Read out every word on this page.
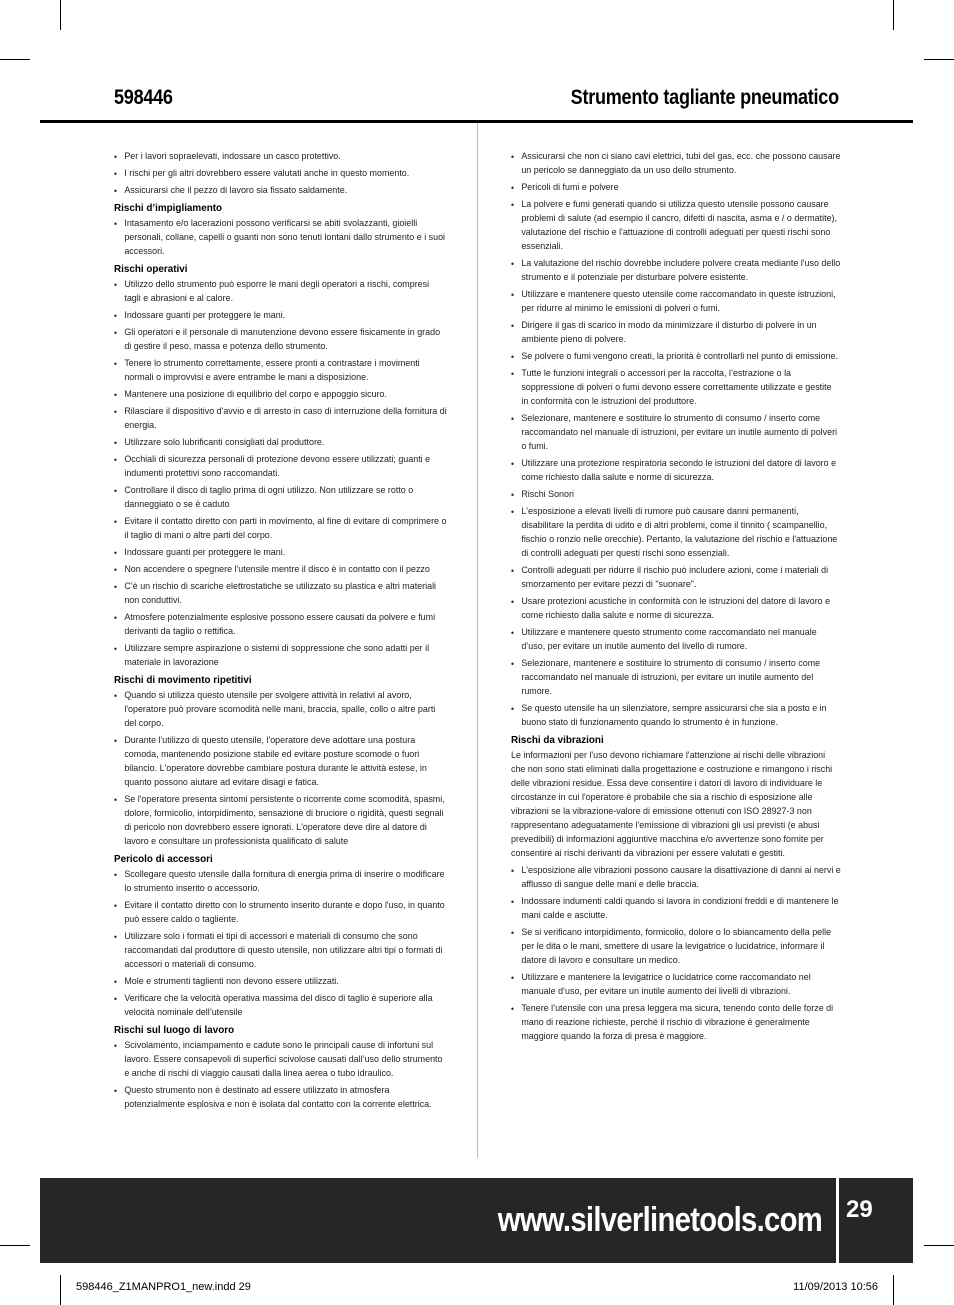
598446	Strumento tagliante pneumatico
• Per i lavori sopraelevati, indossare un casco protettivo.
• I rischi per gli altri dovrebbero essere valutati anche in questo momento.
• Assicurarsi che il pezzo di lavoro sia fissato saldamente.
Rischi d’impigliamento
• Intasamento e/o lacerazioni possono verificarsi se abiti svolazzanti, gioielli personali, collane, capelli o guanti non sono tenuti lontani dallo strumento e i suoi accessori.
Rischi operativi
• Utilizzo dello strumento può esporre le mani degli operatori a rischi, compresi tagli e abrasioni e al calore.
• Indossare guanti per proteggere le mani.
• Gli operatori e il personale di manutenzione devono essere fisicamente in grado di gestire il peso, massa e potenza dello strumento.
• Tenere lo strumento correttamente, essere pronti a contrastare i movimenti normali o improvvisi e avere entrambe le mani a disposizione.
• Mantenere una posizione di equilibrio del corpo e appoggio sicuro.
• Rilasciare il dispositivo d'avvio e di arresto in caso di interruzione della fornitura di energia.
• Utilizzare solo lubrificanti consigliati dal produttore.
• Occhiali di sicurezza personali di protezione devono essere utilizzati; guanti e indumenti protettivi sono raccomandati.
• Controllare il disco di taglio prima di ogni utilizzo. Non utilizzare se rotto o danneggiato o se è caduto
• Evitare il contatto diretto con parti in movimento, al fine di evitare di comprimere o il taglio di mani o altre parti del corpo.
• Indossare guanti per proteggere le mani.
• Non accendere o spegnere l'utensile mentre il disco è in contatto con il pezzo
• C’è un rischio di scariche elettrostatiche se utilizzato su plastica e altri materiali non conduttivi.
• Atmosfere potenzialmente esplosive possono essere causati da polvere e fumi derivanti da taglio o rettifica.
• Utilizzare sempre aspirazione o sistemi di soppressione che sono adatti per il materiale in lavorazione
Rischi di movimento ripetitivi
• Quando si utilizza questo utensile per svolgere attività in relativi al avoro, l'operatore può provare scomodità nelle mani, braccia, spalle, collo o altre parti del corpo.
• Durante l'utilizzo di questo utensile, l'operatore deve adottare una postura comoda, mantenendo posizione stabile ed evitare posture scomode o fuori bilancio. L'operatore dovrebbe cambiare postura durante le attività estese, in quanto possono aiutare ad evitare disagi e fatica.
• Se l'operatore presenta sintomi persistente o ricorrente come scomodità, spasmi, dolore, formicolio, intorpidimento, sensazione di bruciore o rigidità, questi segnali di pericolo non dovrebbero essere ignorati. L'operatore deve dire al datore di lavoro e consultare un professionista qualificato di salute
Pericolo di accessori
• Scollegare questo utensile dalla fornitura di energia prima di inserire o modificare lo strumento inserito o accessorio.
• Evitare il contatto diretto con lo strumento inserito durante e dopo l'uso, in quanto può essere caldo o tagliente.
• Utilizzare solo i formati ei tipi di accessori e materiali di consumo che sono raccomandati dal produttore di questo utensile, non utilizzare altri tipi o formati di accessori o materiali di consumo.
• Mole e strumenti taglienti non devono essere utilizzati.
• Verificare che la velocità operativa massima del disco di taglio è superiore alla velocità nominale dell’utensile
Rischi sul luogo di lavoro
• Scivolamento, inciampamento e cadute sono le principali cause di infortuni sul lavoro. Essere consapevoli di superfici scivolose causati dall’uso dello strumento e anche di rischi di viaggio causati dalla linea aerea o tubo idraulico.
• Questo strumento non è destinato ad essere utilizzato in atmosfera potenzialmente esplosiva e non è isolata dal contatto con la corrente elettrica.
• Assicurarsi che non ci siano cavi elettrici, tubi del gas, ecc. che possono causare un pericolo se danneggiato da un uso dello strumento.
• Pericoli di fumi e polvere
• La polvere e fumi generati quando si utilizza questo utensile possono causare problemi di salute (ad esempio il cancro, difetti di nascita, asma e / o dermatite), valutazione del rischio e l'attuazione di controlli adeguati per questi rischi sono essenziali.
• La valutazione del rischio dovrebbe includere polvere creata mediante l'uso dello strumento e il potenziale per disturbare polvere esistente.
• Utilizzare e mantenere questo utensile come raccomandato in queste istruzioni, per ridurre al minimo le emissioni di polveri o fumi.
• Dirigere il gas di scarico in modo da minimizzare il disturbo di polvere in un ambiente pieno di polvere.
• Se polvere o fumi vengono creati, la priorità è controllarli nel punto di emissione.
• Tutte le funzioni integrali o accessori per la raccolta, l’estrazione o la soppressione di polveri o fumi devono essere correttamente utilizzate e gestite in conformità con le istruzioni del produttore.
• Selezionare, mantenere e sostituire lo strumento di consumo / inserto come raccomandato nel manuale di istruzioni, per evitare un inutile aumento di polveri o fumi.
• Utilizzare una protezione respiratoria secondo le istruzioni del datore di lavoro e come richiesto dalla salute e norme di sicurezza.
• Rischi Sonori
• L'esposizione a elevati livelli di rumore può causare danni permanenti, disabilitare la perdita di udito e di altri problemi, come il tinnito ( scampanellio, fischio o ronzio nelle orecchie). Pertanto, la valutazione del rischio e l'attuazione di controlli adeguati per questi rischi sono essenziali.
• Controlli adeguati per ridurre il rischio può includere azioni, come i materiali di smorzamento per evitare pezzi di "suonare".
• Usare protezioni acustiche in conformità con le istruzioni del datore di lavoro e come richiesto dalla salute e norme di sicurezza.
• Utilizzare e mantenere questo strumento come raccomandato nel manuale d’uso, per evitare un inutile aumento del livello di rumore.
• Selezionare, mantenere e sostituire lo strumento di consumo / inserto come raccomandato nel manuale di istruzioni, per evitare un inutile aumento del rumore.
• Se questo utensile ha un silenziatore, sempre assicurarsi che sia a posto e in buono stato di funzionamento quando lo strumento è in funzione.
Rischi da vibrazioni

Le informazioni per l'uso devono richiamare l'attenzione ai rischi delle vibrazioni che non sono stati eliminati dalla progettazione e costruzione e rimangono i rischi delle vibrazioni residue. Essa deve consentire i datori di lavoro di individuare le circostanze in cui l'operatore è probabile che sia a rischio di esposizione alle vibrazioni se la vibrazione-valore di emissione ottenuti con ISO 28927-3 non rappresentano adeguatamente l'emissione di vibrazioni gli usi previsti (e abusi prevedibili) di informazioni aggiuntive macchina e/o avvertenze sono fornite per consentire ai rischi derivanti da vibrazioni per essere valutati e gestiti.

• L'esposizione alle vibrazioni possono causare la disattivazione di danni ai nervi e afflusso di sangue delle mani e delle braccia.
• Indossare indumenti caldi quando si lavora in condizioni freddi e di mantenere le mani calde e asciutte.
• Se si verificano intorpidimento, formicolio, dolore o lo sbiancamento della pelle per le dita o le mani, smettere di usare la levigatrice o lucidatrice, informare il datore di lavoro e consultare un medico.
• Utilizzare e mantenere la levigatrice o lucidatrice come raccomandato nel manuale d’uso, per evitare un inutile aumento dei livelli di vibrazioni.
• Tenere l’utensile con una presa leggera ma sicura, tenendo conto delle forze di mano di reazione richieste, perché il rischio di vibrazione è generalmente maggiore quando la forza di presa è maggiore.
www.silverlinetools.com 29
598446_Z1MANPRO1_new.indd 29	11/09/2013 10:56
